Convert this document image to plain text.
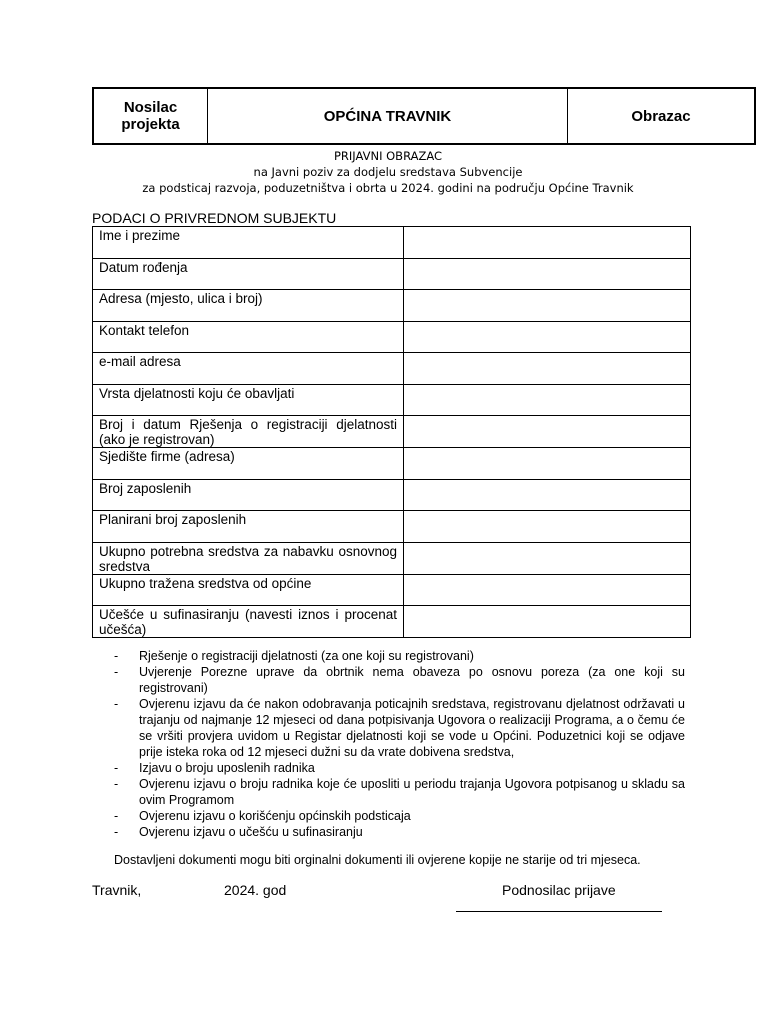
Nosilac projekta	OPĆINA TRAVNIK	Obrazac
PRIJAVNI OBRAZAC
na Javni poziv za dodjelu sredstava Subvencije
za podsticaj razvoja, poduzetništva i obrta u 2024. godini na području Općine Travnik
PODACI O PRIVREDNOM SUBJEKTU
Ime i prezime	
Datum rođenja	
Adresa (mjesto, ulica i broj)	
Kontakt telefon	
e-mail adresa	
Vrsta djelatnosti koju će obavljati	
Broj i datum Rješenja o registraciji djelatnosti (ako je registrovan)	
Sjedište firme (adresa)	
Broj zaposlenih	
Planirani broj zaposlenih	
Ukupno potrebna sredstva za nabavku osnovnog sredstva	
Ukupno tražena sredstva od općine	
Učešće u sufinasiranju (navesti iznos i procenat učešća)	
- Rješenje o registraciji djelatnosti (za one koji su registrovani)
- Uvjerenje Porezne uprave da obrtnik nema obaveza po osnovu poreza (za one koji su registrovani)
- Ovjerenu izjavu da će nakon odobravanja poticajnih sredstava, registrovanu djelatnost održavati u trajanju od najmanje 12 mjeseci od dana potpisivanja Ugovora o realizaciji Programa, a o čemu će se vršiti provjera uvidom u Registar djelatnosti koji se vode u Općini. Poduzetnici koji se odjave prije isteka roka od 12 mjeseci dužni su da vrate dobivena sredstva,
- Izjavu o broju uposlenih radnika
- Ovjerenu izjavu o broju radnika koje će uposliti u periodu trajanja Ugovora potpisanog u skladu sa ovim Programom
- Ovjerenu izjavu o korišćenju općinskih podsticaja
- Ovjerenu izjavu o učešću u sufinasiranju
Dostavljeni dokumenti mogu biti orginalni dokumenti ili ovjerene kopije ne starije od tri mjeseca.
Travnik,	2024. god	Podnosilac prijave
